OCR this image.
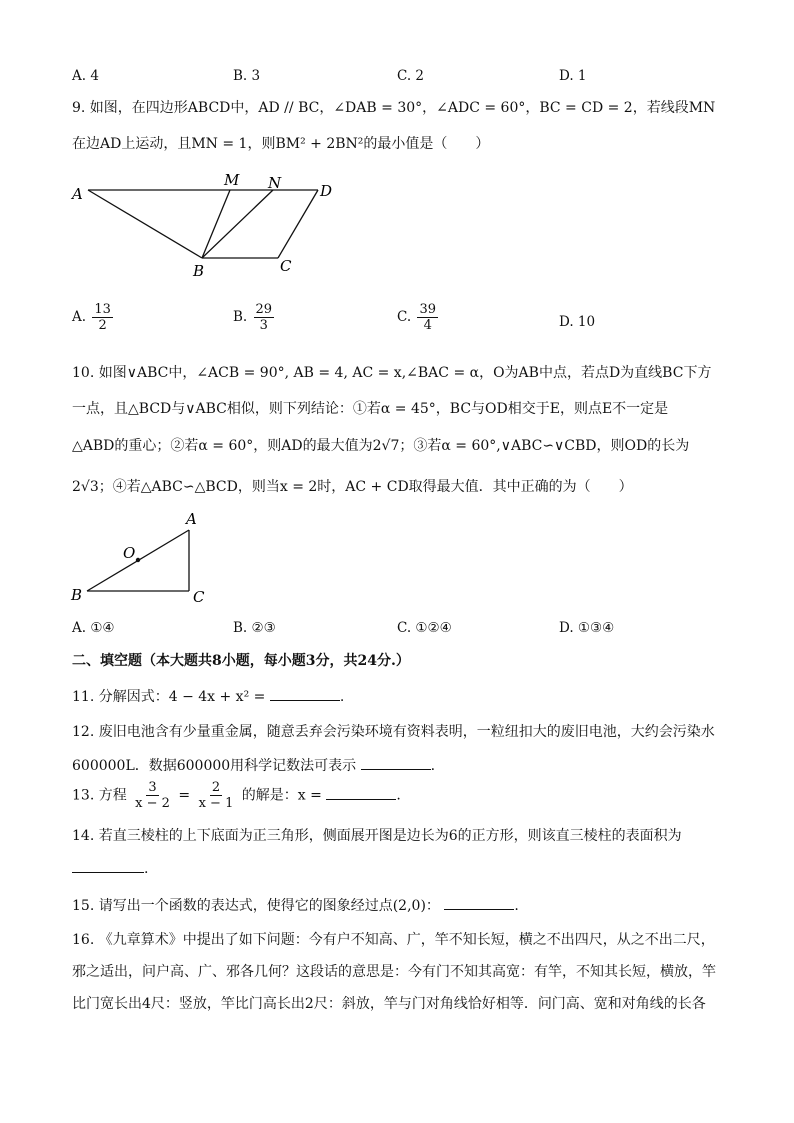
A. 4	B. 3	C. 2	D. 1
9. 如图，在四边形ABCD中，AD // BC，∠DAB = 30°，∠ADC = 60°，BC = CD = 2，若线段MN
在边AD上运动，且MN = 1，则BM² + 2BN²的最小值是（　　）
A
M N	D
B	C
A. $\frac{13}{2}$	B. $\frac{29}{3}$	C. $\frac{39}{4}$	D. 10
10. 如图∨ABC中，∠ACB = 90°, AB = 4, AC = x,∠BAC = α，O为AB中点，若点D为直线BC下方
一点，且△BCD与∨ABC相似，则下列结论：①若α = 45°，BC与OD相交于E，则点E不一定是
△ABD的重心；②若α = 60°，则AD的最大值为2√7；③若α = 60°,∨ABC∽∨CBD，则OD的长为
2√3；④若△ABC∽△BCD，则当x = 2时，AC + CD取得最大值．其中正确的为（　　）
A
O
B	C
A. ①④	B. ②③	C. ①②④	D. ①③④
二、填空题（本大题共8小题，每小题3分，共24分.）
11. 分解因式：4 − 4x + x² =	.
12. 废旧电池含有少量重金属，随意丢弃会污染环境有资料表明，一粒纽扣大的废旧电池，大约会污染水
600000L．数据600000用科学记数法可表示	.
13. 方程 $\frac{3}{x - 2} = \frac{2}{x - 1}$ 的解是：x =	.
14. 若直三棱柱的上下底面为正三角形，侧面展开图是边长为6的正方形，则该直三棱柱的表面积为
.
15. 请写出一个函数的表达式，使得它的图象经过点(2,0)：	.
16. 《九章算术》中提出了如下问题：今有户不知高、广，竿不知长短，横之不出四尺，从之不出二尺，
邪之适出，问户高、广、邪各几何？这段话的意思是：今有门不知其高宽：有竿，不知其长短，横放，竿
比门宽长出4尺：竖放，竿比门高长出2尺：斜放，竿与门对角线恰好相等．问门高、宽和对角线的长各
